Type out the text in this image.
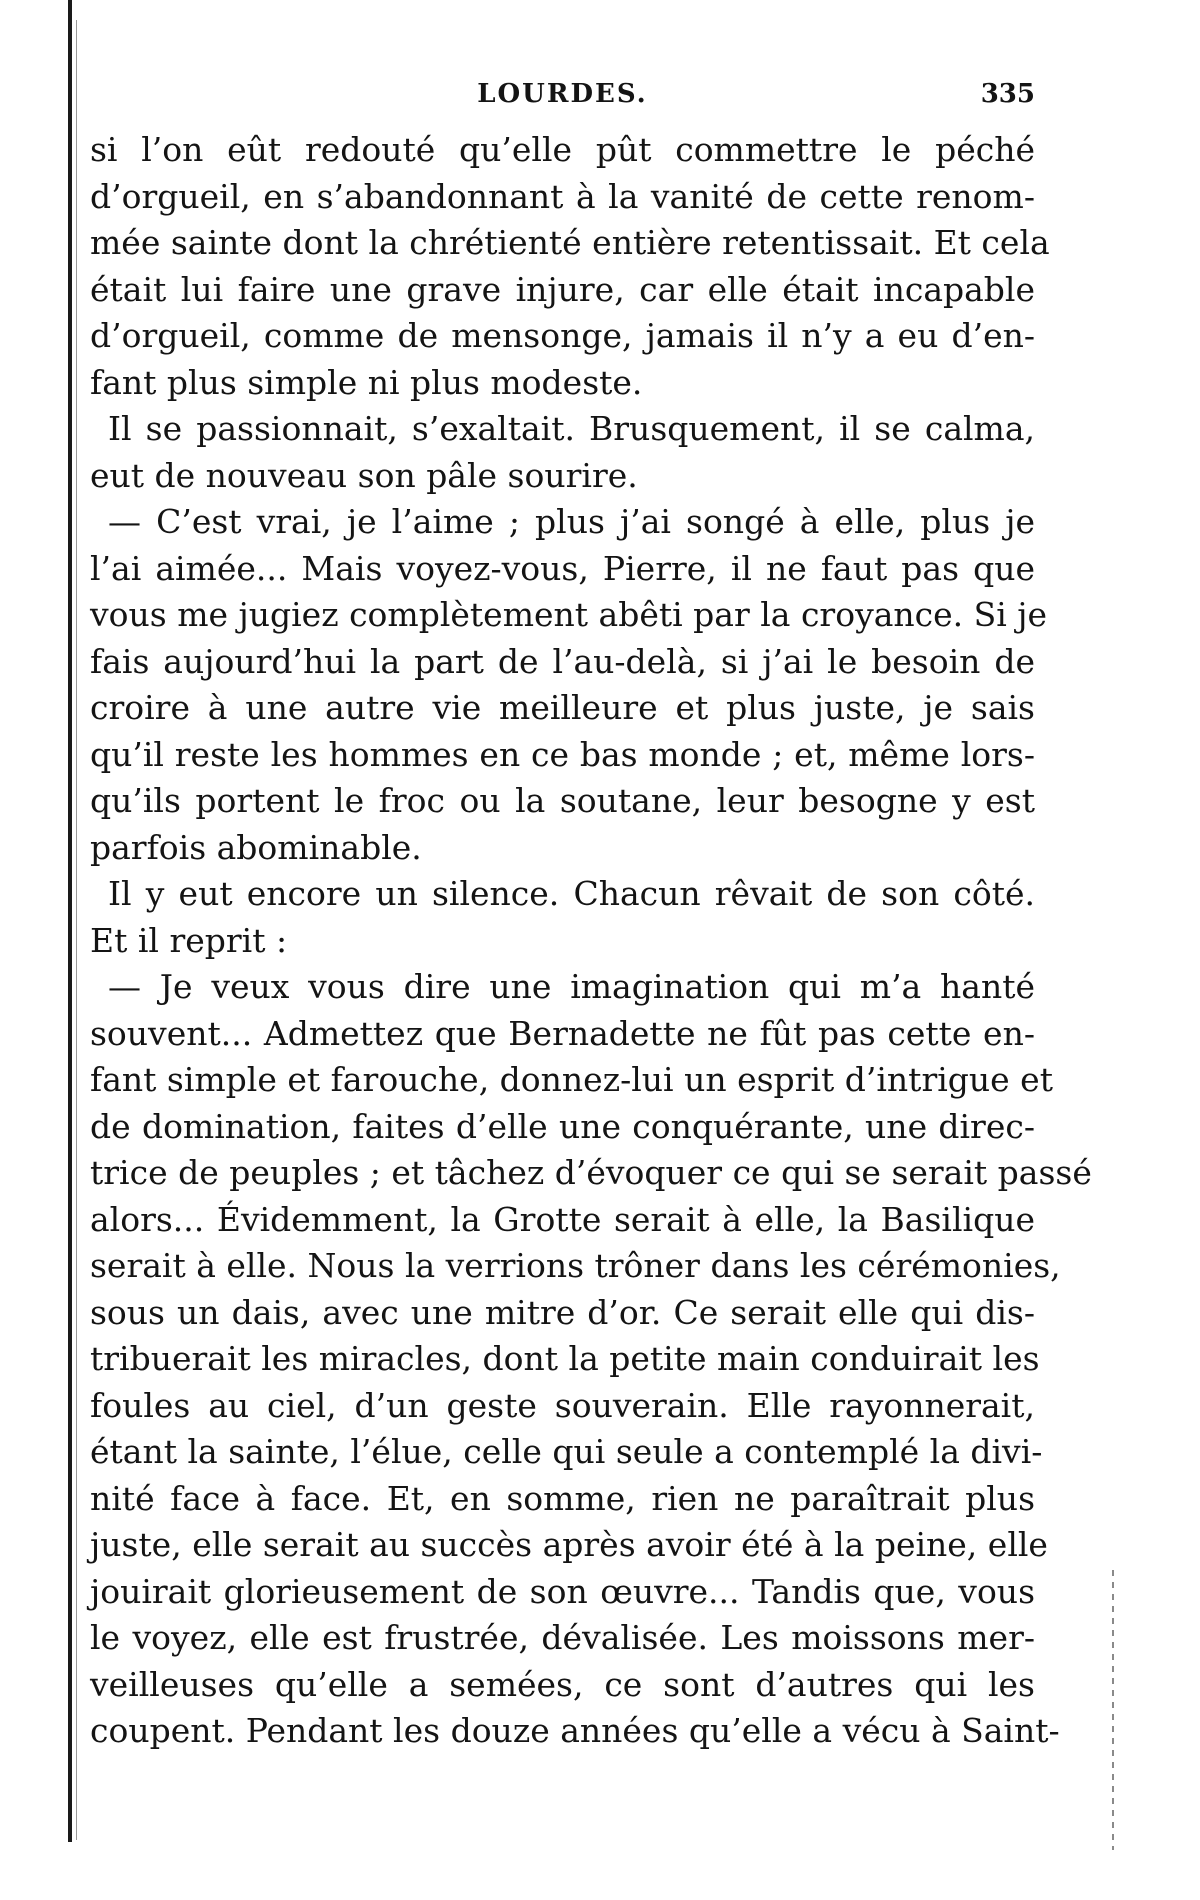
LOURDES.	335
si l’on eût redouté qu’elle pût commettre le péché
d’orgueil, en s’abandonnant à la vanité de cette renom-
mée sainte dont la chrétienté entière retentissait. Et cela
était lui faire une grave injure, car elle était incapable
d’orgueil, comme de mensonge, jamais il n’y a eu d’en-
fant plus simple ni plus modeste.
Il se passionnait, s’exaltait. Brusquement, il se calma,
eut de nouveau son pâle sourire.
— C’est vrai, je l’aime ; plus j’ai songé à elle, plus je
l’ai aimée... Mais voyez-vous, Pierre, il ne faut pas que
vous me jugiez complètement abêti par la croyance. Si je
fais aujourd’hui la part de l’au-delà, si j’ai le besoin de
croire à une autre vie meilleure et plus juste, je sais
qu’il reste les hommes en ce bas monde ; et, même lors-
qu’ils portent le froc ou la soutane, leur besogne y est
parfois abominable.
Il y eut encore un silence. Chacun rêvait de son côté.
Et il reprit :
— Je veux vous dire une imagination qui m’a hanté
souvent... Admettez que Bernadette ne fût pas cette en-
fant simple et farouche, donnez-lui un esprit d’intrigue et
de domination, faites d’elle une conquérante, une direc-
trice de peuples ; et tâchez d’évoquer ce qui se serait passé
alors... Évidemment, la Grotte serait à elle, la Basilique
serait à elle. Nous la verrions trôner dans les cérémonies,
sous un dais, avec une mitre d’or. Ce serait elle qui dis-
tribuerait les miracles, dont la petite main conduirait les
foules au ciel, d’un geste souverain. Elle rayonnerait,
étant la sainte, l’élue, celle qui seule a contemplé la divi-
nité face à face. Et, en somme, rien ne paraîtrait plus
juste, elle serait au succès après avoir été à la peine, elle
jouirait glorieusement de son œuvre... Tandis que, vous
le voyez, elle est frustrée, dévalisée. Les moissons mer-
veilleuses qu’elle a semées, ce sont d’autres qui les
coupent. Pendant les douze années qu’elle a vécu à Saint-
